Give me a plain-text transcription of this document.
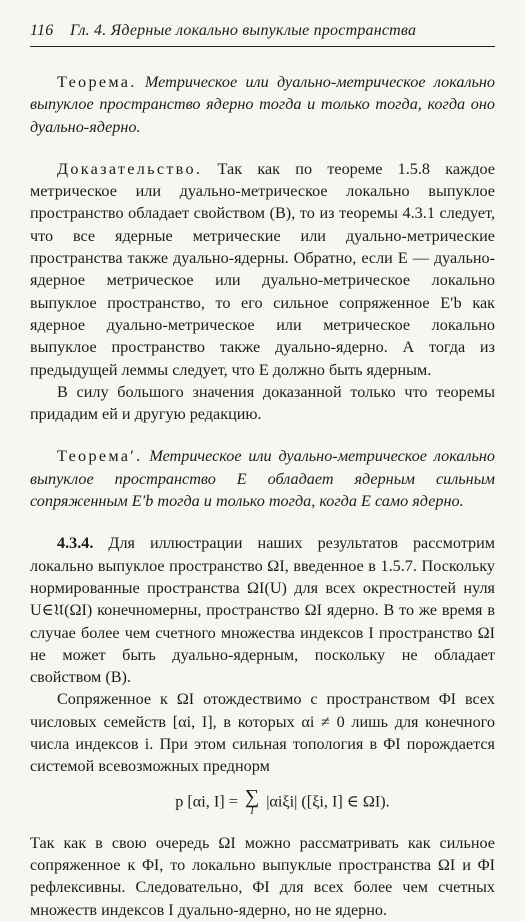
116	Гл. 4. Ядерные локально выпуклые пространства

Теорема. Метрическое или дуально-метрическое локально выпуклое пространство ядерно тогда и только тогда, когда оно дуально-ядерно.

Доказательство. Так как по теореме 1.5.8 каждое метрическое или дуально-метрическое локально выпуклое пространство обладает свойством (B), то из теоремы 4.3.1 следует, что все ядерные метрические или дуально-метрические пространства также дуально-ядерны. Обратно, если E — дуально-ядерное метрическое или дуально-метрическое локально выпуклое пространство, то его сильное сопряженное E′b как ядерное дуально-метрическое или метрическое локально выпуклое пространство также дуально-ядерно. А тогда из предыдущей леммы следует, что E должно быть ядерным.

В силу большого значения доказанной только что теоремы придадим ей и другую редакцию.

Теорема′. Метрическое или дуально-метрическое локально выпуклое пространство E обладает ядерным сильным сопряженным E′b тогда и только тогда, когда E само ядерно.

4.3.4. Для иллюстрации наших результатов рассмотрим локально выпуклое пространство ΩI, введенное в 1.5.7. Поскольку нормированные пространства ΩI(U) для всех окрестностей нуля U∈𝔘(ΩI) конечномерны, пространство ΩI ядерно. В то же время в случае более чем счетного множества индексов I пространство ΩI не может быть дуально-ядерным, поскольку не обладает свойством (B).

Сопряженное к ΩI отождествимо с пространством ΦI всех числовых семейств [αi, I], в которых αi ≠ 0 лишь для конечного числа индексов i. При этом сильная топология в ΦI порождается системой всевозможных преднорм

p [αi, I] = ∑
I
|αiξi| ([ξi, I] ∈ ΩI).

Так как в свою очередь ΩI можно рассматривать как сильное сопряженное к ΦI, то локально выпуклые пространства ΩI и ΦI рефлексивны. Следовательно, ΦI для всех более чем счетных множеств индексов I дуально-ядерно, но не ядерно.
